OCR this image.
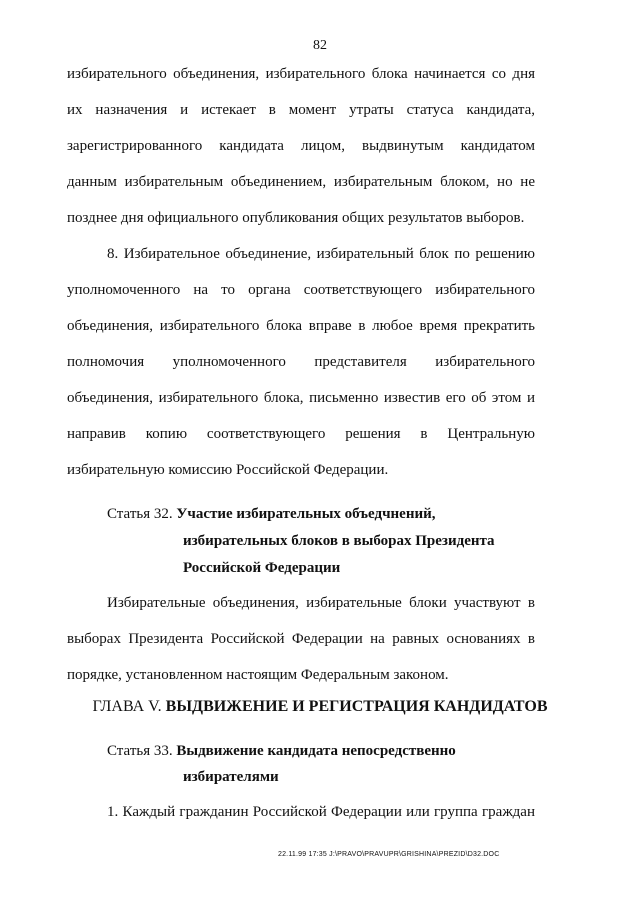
82
избирательного объединения, избирательного блока начинается со дня
их назначения и истекает в момент утраты статуса кандидата,
зарегистрированного кандидата лицом, выдвинутым кандидатом
данным избирательным объединением, избирательным блоком, но не
позднее дня официального опубликования общих результатов выборов.
8. Избирательное объединение, избирательный блок по решению
уполномоченного на то органа соответствующего избирательного
объединения, избирательного блока вправе в любое время прекратить
полномочия уполномоченного представителя избирательного
объединения, избирательного блока, письменно известив его об этом и
направив копию соответствующего решения в Центральную
избирательную комиссию Российской Федерации.
Статья 32. Участие избирательных объедчнений,
избирательных блоков в выборах Президента
Российской Федерации
Избирательные объединения, избирательные блоки участвуют в
выборах Президента Российской Федерации на равных основаниях в
порядке, установленном настоящим Федеральным законом.
ГЛАВА V. ВЫДВИЖЕНИЕ И РЕГИСТРАЦИЯ КАНДИДАТОВ
Статья 33. Выдвижение кандидата непосредственно
избирателями
1. Каждый гражданин Российской Федерации или группа граждан
22.11.99 17:35 J:\PRAVO\PRAVUPR\GRISHINA\PREZID\D32.DOC
